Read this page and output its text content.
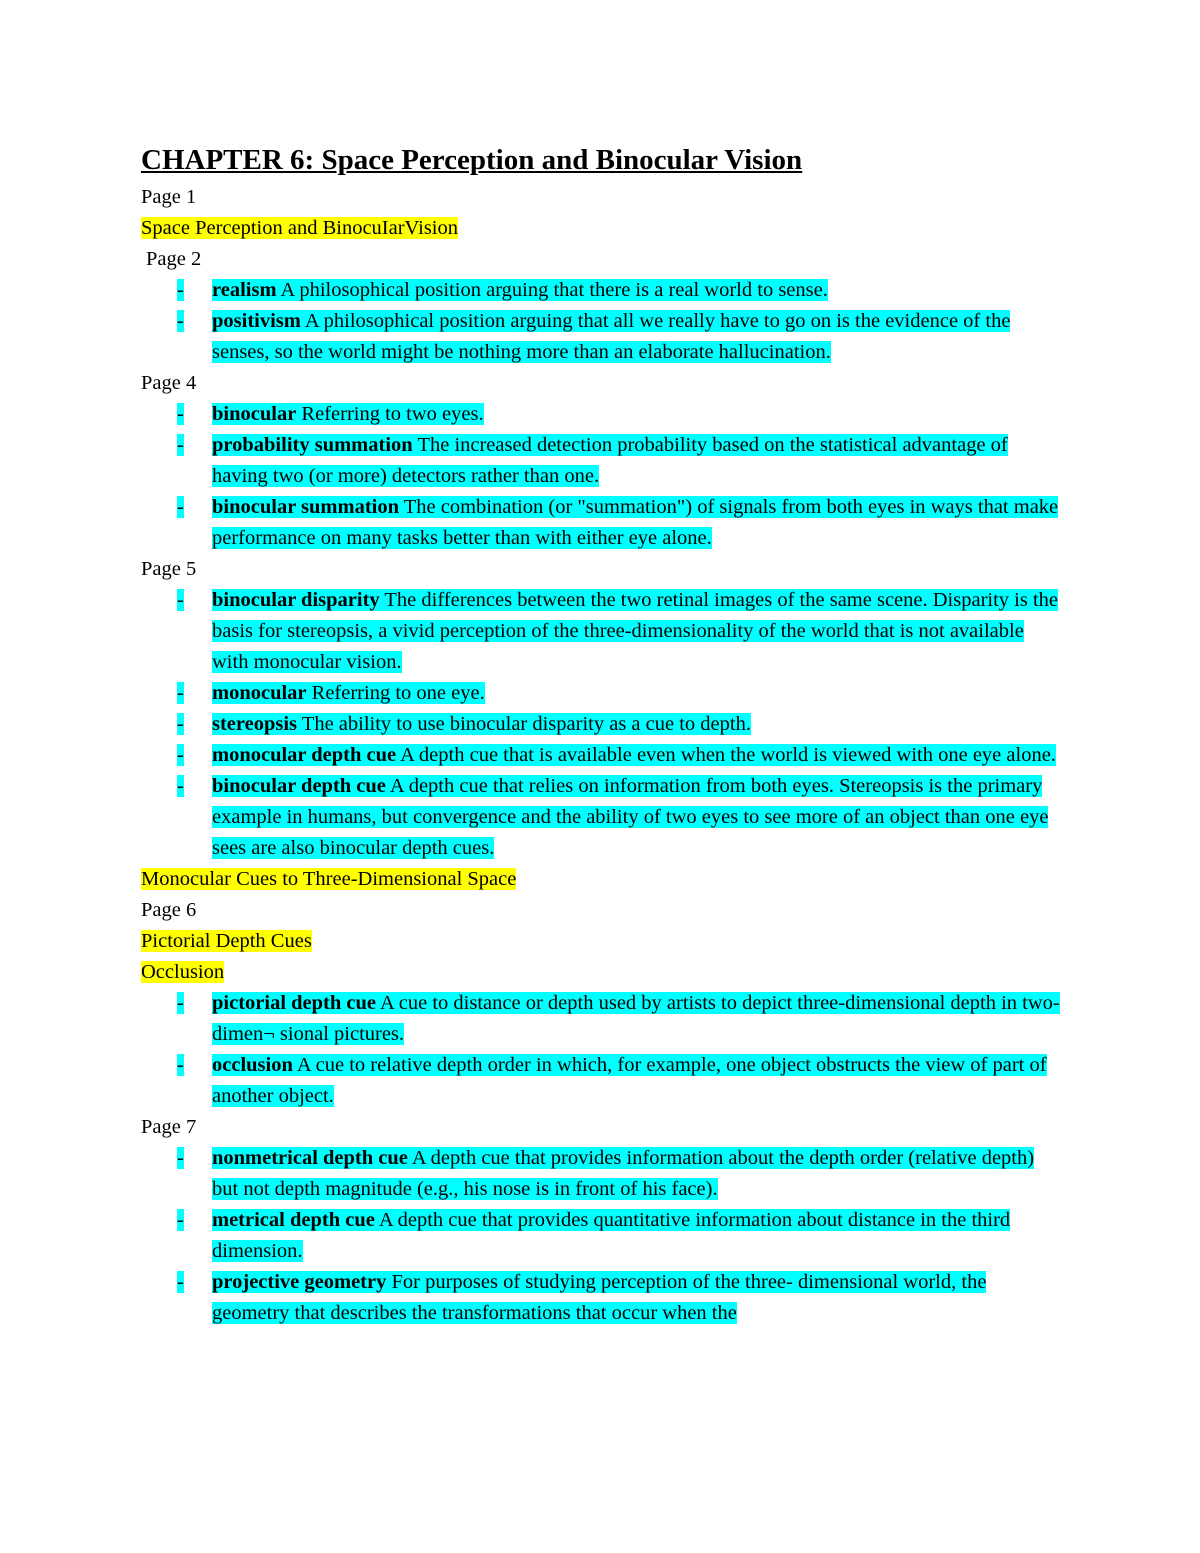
CHAPTER 6: Space Perception and Binocular Vision
Page 1
Space Perception and BinocuIarVision
Page 2
-	realism A philosophical position arguing that there is a real world to sense.
-	positivism A philosophical position arguing that all we really have to go on is the evidence of the senses, so the world might be nothing more than an elaborate hallucination.
Page 4
-	binocular Referring to two eyes.
-	probability summation The increased detection probability based on the statistical advantage of having two (or more) detectors rather than one.
-	binocular summation The combination (or "summation") of signals from both eyes in ways that make performance on many tasks better than with either eye alone.
Page 5
-	binocular disparity The differences between the two retinal images of the same scene. Disparity is the basis for stereopsis, a vivid perception of the three-dimensionality of the world that is not available with monocular vision.
-	monocular Referring to one eye.
-	stereopsis The ability to use binocular disparity as a cue to depth.
-	monocular depth cue A depth cue that is available even when the world is viewed with one eye alone.
-	binocular depth cue A depth cue that relies on information from both eyes. Stereopsis is the primary example in humans, but convergence and the ability of two eyes to see more of an object than one eye sees are also binocular depth cues.
Monocular Cues to Three-Dimensional Space
Page 6
Pictorial Depth Cues
Occlusion
-	pictorial depth cue A cue to distance or depth used by artists to depict three-dimensional depth in two-dimen¬ sional pictures.
-	occlusion A cue to relative depth order in which, for example, one object obstructs the view of part of another object.
Page 7
-	nonmetrical depth cue A depth cue that provides information about the depth order (relative depth) but not depth magnitude (e.g., his nose is in front of his face).
-	metrical depth cue A depth cue that provides quantitative information about distance in the third dimension.
-	projective geometry For purposes of studying perception of the three- dimensional world, the geometry that describes the transformations that occur when the
